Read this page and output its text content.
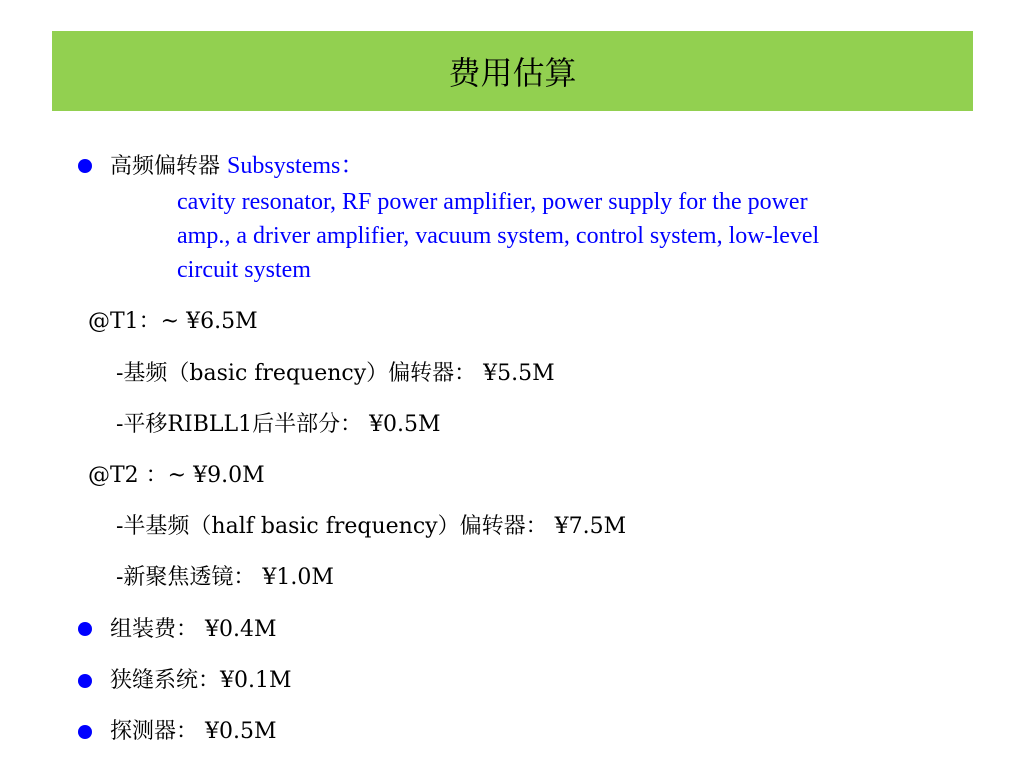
费用估算
高频偏转器 Subsystems：
cavity resonator, RF power amplifier, power supply for the power
amp., a driver amplifier, vacuum system, control system, low-level
circuit system
@T1：~ ¥6.5M
-基频（basic frequency）偏转器： ¥5.5M
-平移RIBLL1后半部分： ¥0.5M
@T2 ：~ ¥9.0M
-半基频（half basic frequency）偏转器： ¥7.5M
-新聚焦透镜： ¥1.0M
组装费： ¥0.4M
狭缝系统：¥0.1M
探测器： ¥0.5M
